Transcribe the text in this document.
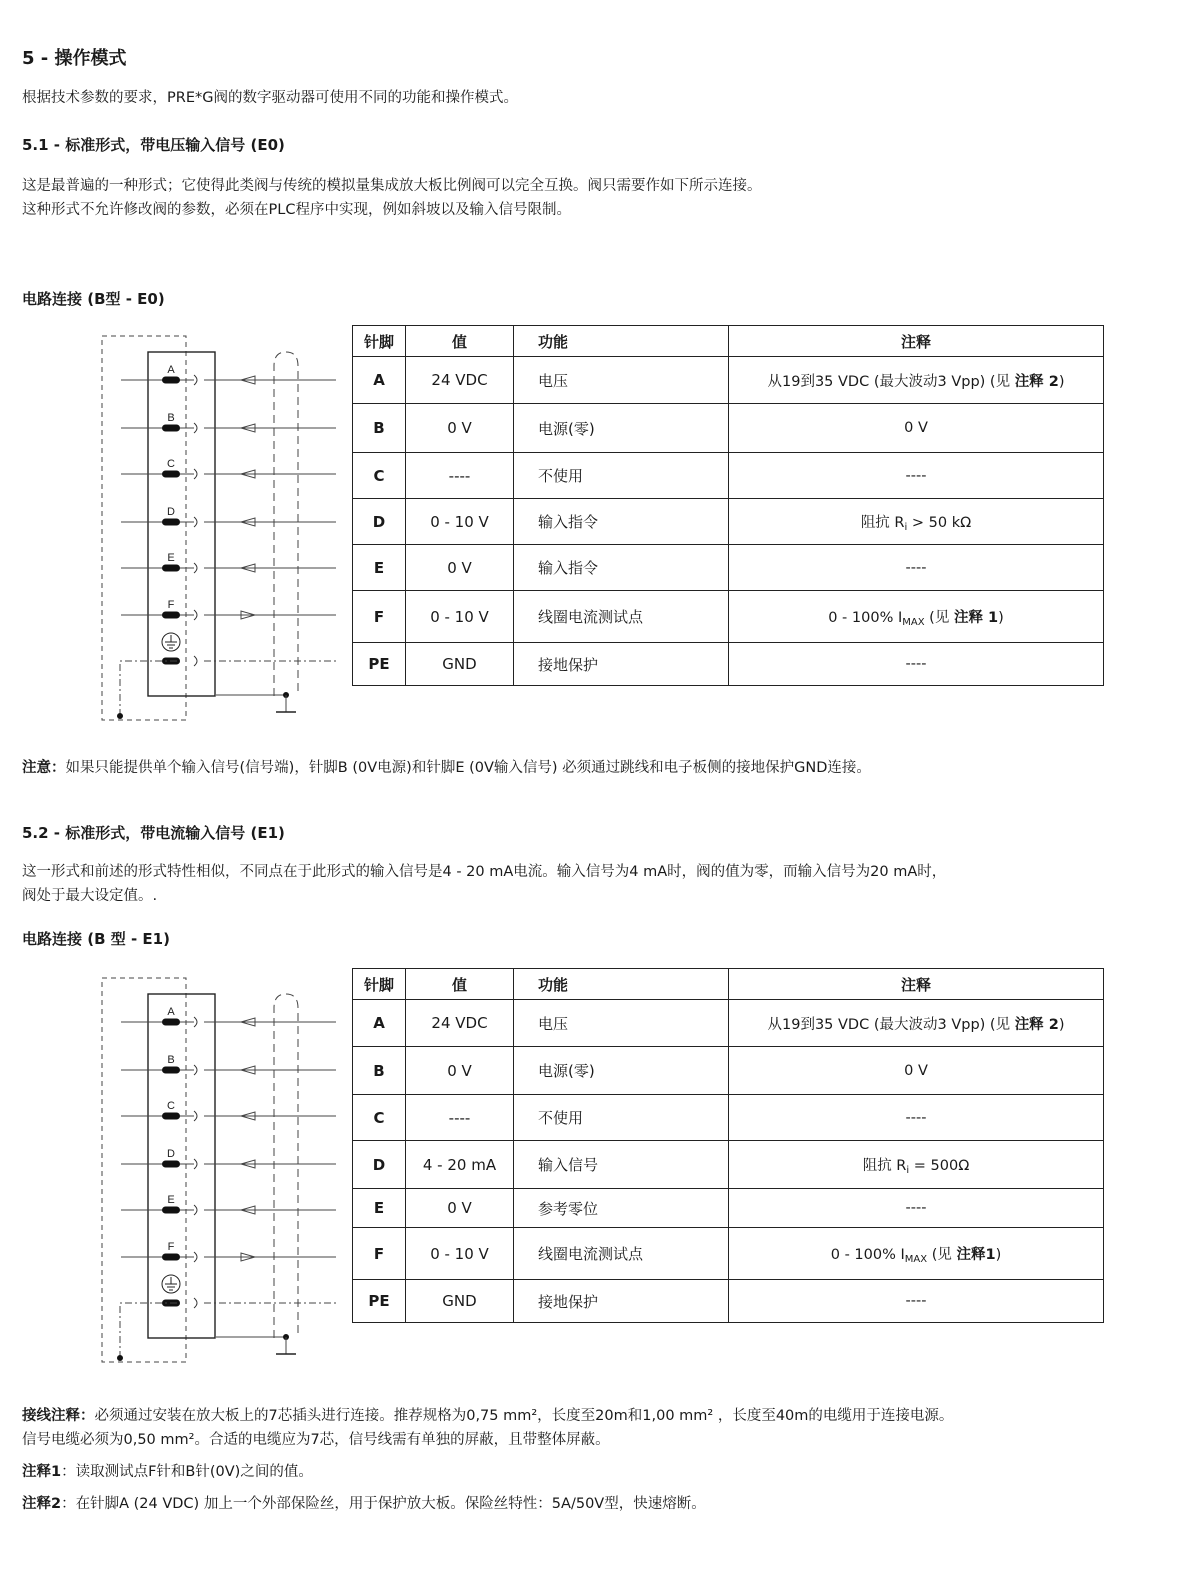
5 - 操作模式
根据技术参数的要求，PRE*G阀的数字驱动器可使用不同的功能和操作模式。
5.1 - 标准形式，带电压输入信号 (E0)
这是最普遍的一种形式；它使得此类阀与传统的模拟量集成放大板比例阀可以完全互换。阀只需要作如下所示连接。
这种形式不允许修改阀的参数，必须在PLC程序中实现，例如斜坡以及输入信号限制。
电路连接 (B型 - E0)
A
B
C
D
E
F
针脚	值	功能	注释
A	24 VDC	电压	从19到35 VDC (最大波动3 Vpp) (见 注释 2)
B	0 V	电源(零)	0 V
C	----	不使用	----
D	0 - 10 V	输入指令	阻抗 $R_i > 50$ kΩ
E	0 V	输入指令	----
F	0 - 10 V	线圈电流测试点	0 - 100% $I_{MAX}$ (见 注释 1)
PE	GND	接地保护	----
注意：如果只能提供单个输入信号(信号端)，针脚B (0V电源)和针脚E (0V输入信号) 必须通过跳线和电子板侧的接地保护GND连接。
5.2 - 标准形式，带电流输入信号 (E1)
这一形式和前述的形式特性相似，不同点在于此形式的输入信号是4 - 20 mA电流。输入信号为4 mA时，阀的值为零，而输入信号为20 mA时，
阀处于最大设定值。.
电路连接 (B 型 - E1)
A
B
C
D
E
F
针脚	值	功能	注释
A	24 VDC	电压	从19到35 VDC (最大波动3 Vpp) (见 注释 2)
B	0 V	电源(零)	0 V
C	----	不使用	----
D	4 - 20 mA	输入信号	阻抗 $R_i = 500\Omega$
E	0 V	参考零位	----
F	0 - 10 V	线圈电流测试点	0 - 100% $I_{MAX}$ (见 注释1)
PE	GND	接地保护	----
接线注释：必须通过安装在放大板上的7芯插头进行连接。推荐规格为0,75 mm²，长度至20m和1,00 mm² ，长度至40m的电缆用于连接电源。
信号电缆必须为0,50 mm²。合适的电缆应为7芯，信号线需有单独的屏蔽，且带整体屏蔽。
注释1：读取测试点F针和B针(0V)之间的值。
注释2：在针脚A (24 VDC) 加上一个外部保险丝，用于保护放大板。保险丝特性：5A/50V型，快速熔断。
